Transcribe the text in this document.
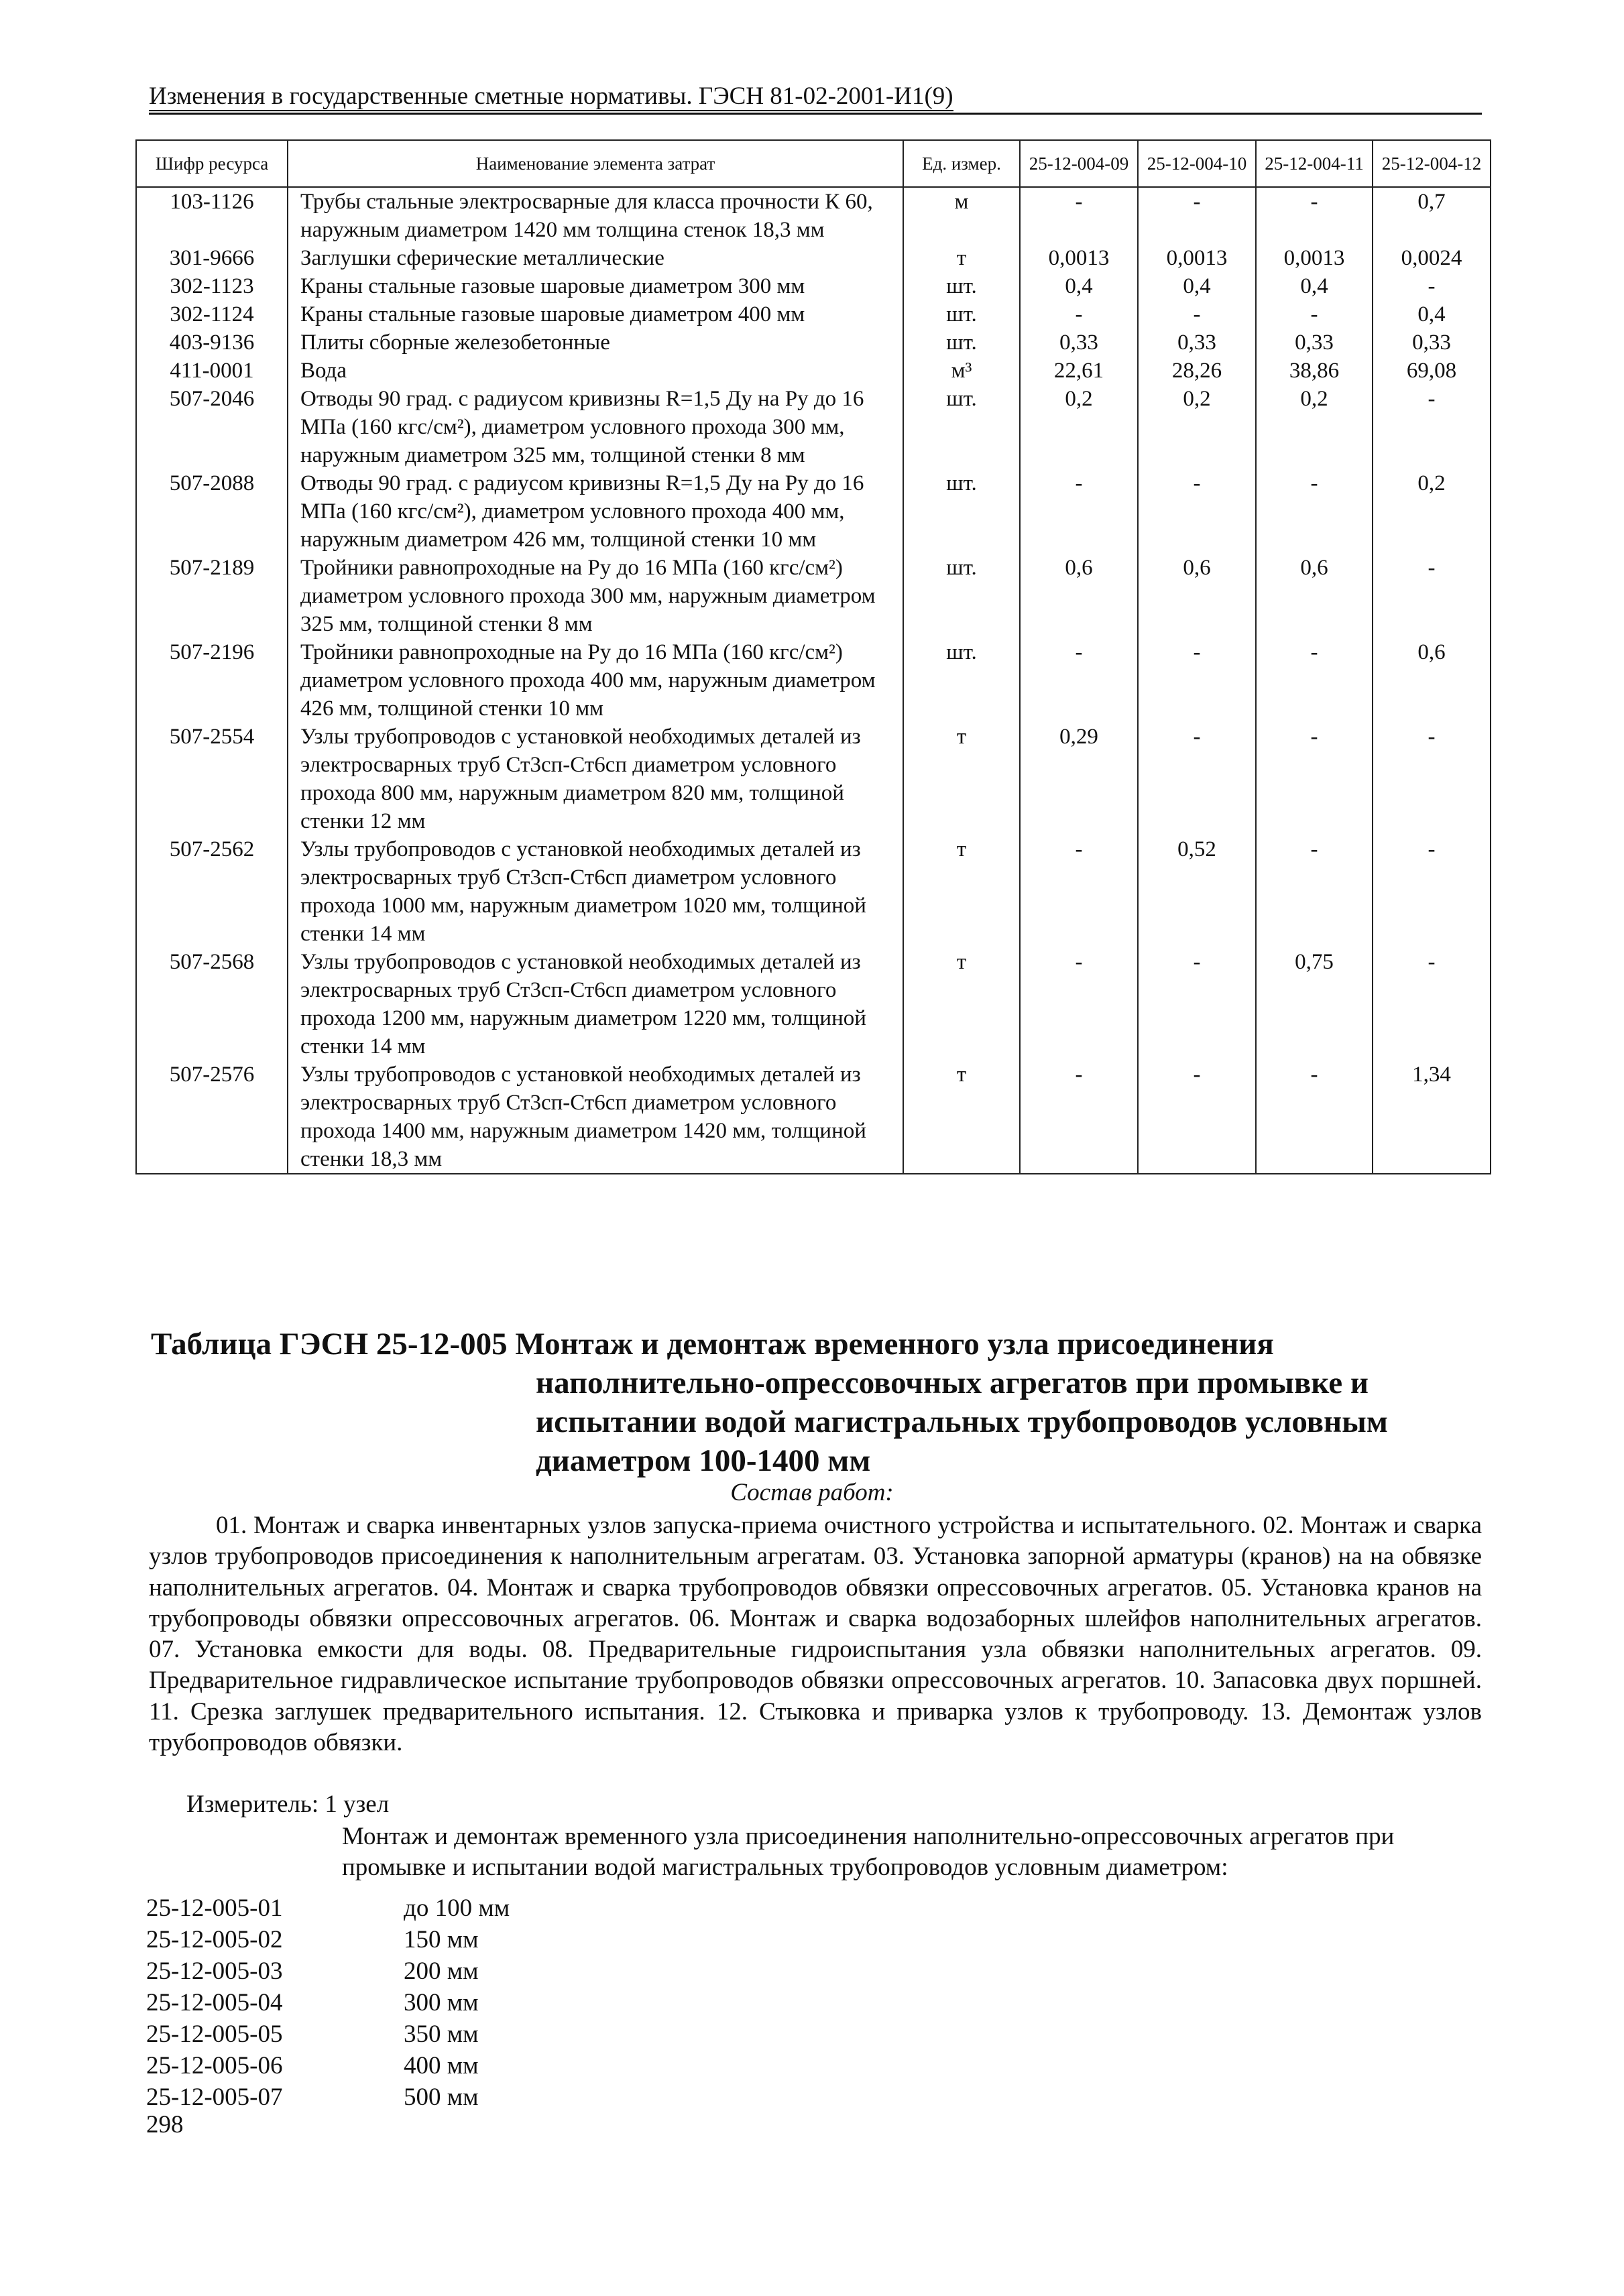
Изменения в государственные сметные нормативы. ГЭСН 81-02-2001-И1(9)
Шифр ресурса	Наименование элемента затрат	Ед. измер.	25-12-004-09	25-12-004-10	25-12-004-11	25-12-004-12
103-1126	Трубы стальные электросварные для класса прочности К 60, наружным диаметром 1420 мм толщина стенок 18,3 мм	м	-	-	-	0,7
301-9666	Заглушки сферические металлические	т	0,0013	0,0013	0,0013	0,0024
302-1123	Краны стальные газовые шаровые диаметром 300 мм	шт.	0,4	0,4	0,4	-
302-1124	Краны стальные газовые шаровые диаметром 400 мм	шт.	-	-	-	0,4
403-9136	Плиты сборные железобетонные	шт.	0,33	0,33	0,33	0,33
411-0001	Вода	м³	22,61	28,26	38,86	69,08
507-2046	Отводы 90 град. с радиусом кривизны R=1,5 Ду на Ру до 16 МПа (160 кгс/см²), диаметром условного прохода 300 мм, наружным диаметром 325 мм, толщиной стенки 8 мм	шт.	0,2	0,2	0,2	-
507-2088	Отводы 90 град. с радиусом кривизны R=1,5 Ду на Ру до 16 МПа (160 кгс/см²), диаметром условного прохода 400 мм, наружным диаметром 426 мм, толщиной стенки 10 мм	шт.	-	-	-	0,2
507-2189	Тройники равнопроходные на Ру до 16 МПа (160 кгс/см²) диаметром условного прохода 300 мм, наружным диаметром 325 мм, толщиной стенки 8 мм	шт.	0,6	0,6	0,6	-
507-2196	Тройники равнопроходные на Ру до 16 МПа (160 кгс/см²) диаметром условного прохода 400 мм, наружным диаметром 426 мм, толщиной стенки 10 мм	шт.	-	-	-	0,6
507-2554	Узлы трубопроводов с установкой необходимых деталей из электросварных труб Ст3сп-Ст6сп диаметром условного прохода 800 мм, наружным диаметром 820 мм, толщиной стенки 12 мм	т	0,29	-	-	-
507-2562	Узлы трубопроводов с установкой необходимых деталей из электросварных труб Ст3сп-Ст6сп диаметром условного прохода 1000 мм, наружным диаметром 1020 мм, толщиной стенки 14 мм	т	-	0,52	-	-
507-2568	Узлы трубопроводов с установкой необходимых деталей из электросварных труб Ст3сп-Ст6сп диаметром условного прохода 1200 мм, наружным диаметром 1220 мм, толщиной стенки 14 мм	т	-	-	0,75	-
507-2576	Узлы трубопроводов с установкой необходимых деталей из электросварных труб Ст3сп-Ст6сп диаметром условного прохода 1400 мм, наружным диаметром 1420 мм, толщиной стенки 18,3 мм	т	-	-	-	1,34
Таблица ГЭСН 25-12-005 Монтаж и демонтаж временного узла присоединения
наполнительно-опрессовочных агрегатов при промывке и испытании водой магистральных трубопроводов условным диаметром 100-1400 мм
Состав работ:

01. Монтаж и сварка инвентарных узлов запуска-приема очистного устройства и испытательного. 02. Монтаж и сварка узлов трубопроводов присоединения к наполнительным агрегатам. 03. Установка запорной арматуры (кранов) на на обвязке наполнительных агрегатов. 04. Монтаж и сварка трубопроводов обвязки опрессовочных агрегатов. 05. Установка кранов на трубопроводы обвязки опрессовочных агрегатов. 06. Монтаж и сварка водозаборных шлейфов наполнительных агрегатов. 07. Установка емкости для воды. 08. Предварительные гидроиспытания узла обвязки наполнительных агрегатов. 09. Предварительное гидравлическое испытание трубопроводов обвязки опрессовочных агрегатов. 10. Запасовка двух поршней. 11. Срезка заглушек предварительного испытания. 12. Стыковка и приварка узлов к трубопроводу. 13. Демонтаж узлов трубопроводов обвязки.

Измеритель: 1 узел
Монтаж и демонтаж временного узла присоединения наполнительно-опрессовочных агрегатов при промывке и испытании водой магистральных трубопроводов условным диаметром:
25-12-005-01	до 100 мм
25-12-005-02	150 мм
25-12-005-03	200 мм
25-12-005-04	300 мм
25-12-005-05	350 мм
25-12-005-06	400 мм
25-12-005-07	500 мм
298
